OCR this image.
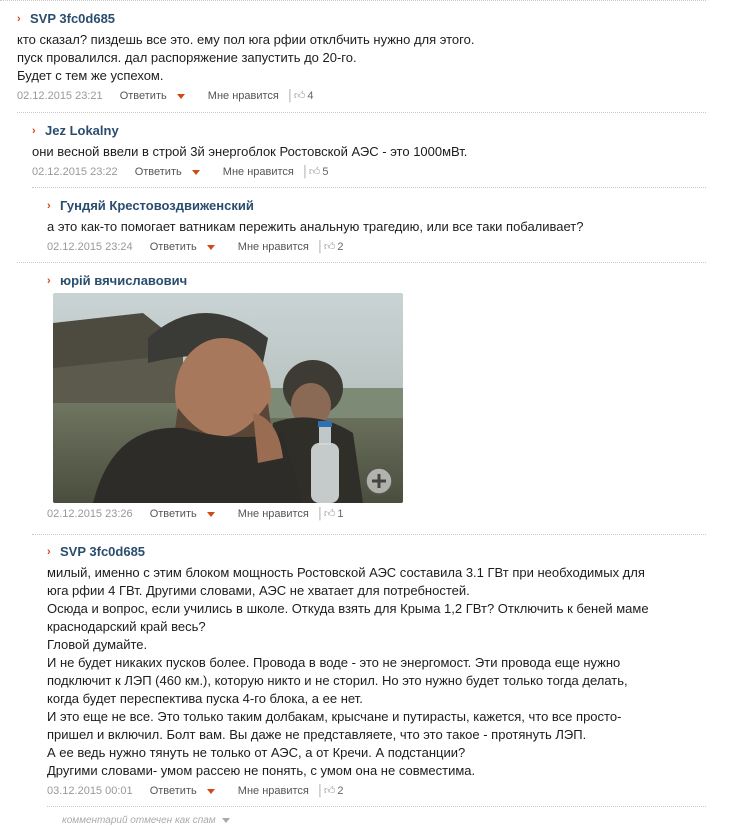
› SVP 3fc0d685
кто сказал? пиздешь все это. ему пол юга рфии отклбчить нужно для этого.
пуск провалился. дал распоряжение запустить до 20-го.
Будет с тем же успехом.
02.12.2015 23:21 Ответить	Мне нравится │👍︎ 4
› Jez Lokalny
они весной ввели в строй 3й энергоблок Ростовской АЭС - это 1000мВт.
02.12.2015 23:22 Ответить	Мне нравится │👍︎ 5
› Гундяй Крестовоздвиженский
а это как-то помогает ватникам пережить анальную трагедию, или все таки побаливает?
02.12.2015 23:24 Ответить	Мне нравится │👍︎ 2
› юрій вячиславович
02.12.2015 23:26 Ответить	Мне нравится │👍︎ 1
› SVP 3fc0d685
милый, именно с этим блоком мощность Ростовской АЭС составила 3.1 ГВт при необходимых для
юга рфии 4 ГВт. Другими словами, АЭС не хватает для потребностей.
Осюда и вопрос, если учились в школе. Откуда взять для Крыма 1,2 ГВт? Отключить к беней маме
краснодарский край весь?
Гловой думайте.
И не будет никаких пусков более. Провода в воде - это не энергомост. Эти провода еще нужно
подключит к ЛЭП (460 км.), которую никто и не сторил. Но это нужно будет только тогда делать,
когда будет переспектива пуска 4-го блока, а ее нет.
И это еще не все. Это только таким долбакам, крысчане и путирасты, кажется, что все просто-
пришел и включил. Болт вам. Вы даже не представляете, что это такое - протянуть ЛЭП.
А ее ведь нужно тянуть не только от АЭС, а от Кречи. А подстанции?
Другими словами- умом рассею не понять, с умом она не совместима.
03.12.2015 00:01 Ответить	Мне нравится │👍︎ 2
комментарий отмечен как спам
